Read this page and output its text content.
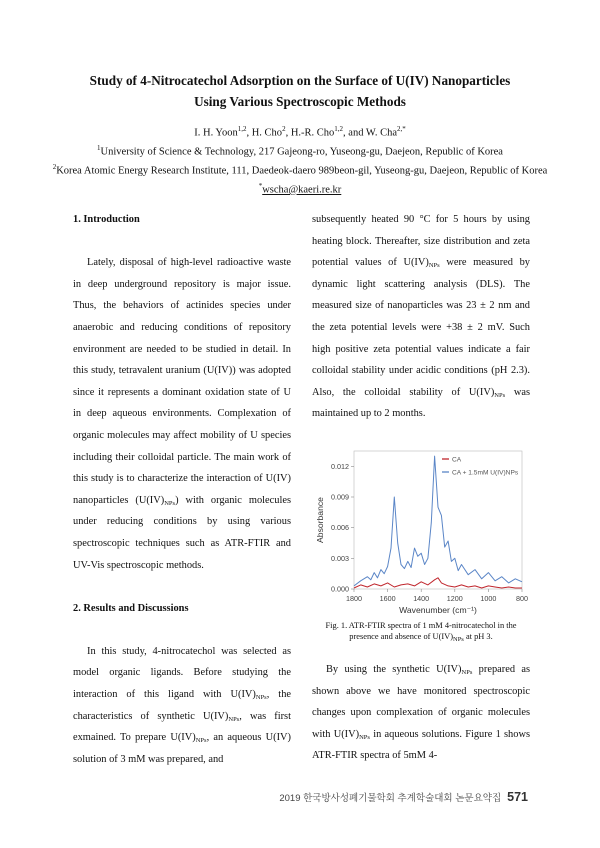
Study of 4-Nitrocatechol Adsorption on the Surface of U(IV) Nanoparticles
Using Various Spectroscopic Methods
I. H. Yoon$^{1,2}$, H. Cho$^2$, H.-R. Cho$^{1,2}$, and W. Cha$^{2,*}$
$^1$University of Science & Technology, 217 Gajeong-ro, Yuseong-gu, Daejeon, Republic of Korea
$^2$Korea Atomic Energy Research Institute, 111, Daedeok-daero 989beon-gil, Yuseong-gu, Daejeon, Republic of Korea
*wscha@kaeri.re.kr

1. Introduction

Lately, disposal of high-level radioactive waste in deep underground repository is major issue. Thus, the behaviors of actinides species under anaerobic and reducing conditions of repository environment are needed to be studied in detail. In this study, tetravalent uranium (U(IV)) was adopted since it represents a dominant oxidation state of U in deep aqueous environments. Complexation of organic molecules may affect mobility of U species including their colloidal particle. The main work of this study is to characterize the interaction of U(IV) nanoparticles $(U(IV)_{NPs})$ with organic molecules under reducing conditions by using various spectroscopic techniques such as ATR-FTIR and UV-Vis spectroscopic methods.

2. Results and Discussions

In this study, 4-nitrocatechol was selected as model organic ligands. Before studying the interaction of this ligand with $U(IV)_{NPs}$, the characteristics of synthetic $U(IV)_{NPs}$, was first exmained. To prepare $U(IV)_{NPs}$, an aqueous U(IV) solution of 3 mM was prepared, and

subsequently heated 90 °C for 5 hours by using heating block. Thereafter, size distribution and zeta potential values of $U(IV)_{NPs}$ were measured by dynamic light scattering analysis (DLS). The measured size of nanoparticles was 23 ± 2 nm and the zeta potential levels were +38 ± 2 mV. Such high positive zeta potential values indicate a fair colloidal stability under acidic conditions (pH 2.3). Also, the colloidal stability of $U(IV)_{NPs}$ was maintained up to 2 months.

1800 1600 1400 1200 1000	800
0.000
0.003
0.006
0.009
0.012
Wavenumber (cm⁻¹)
Absorbance
CA
CA + 1.5mM U(IV)NPs
Fig. 1. ATR-FTIR spectra of 1 mM 4-nitrocatechol in the presence and absence of $U(IV)_{NPs}$ at pH 3.

By using the synthetic $U(IV)_{NPs}$ prepared as shown above we have monitored spectroscopic changes upon complexation of organic molecules with $U(IV)_{NPs}$ in aqueous solutions. Figure 1 shows ATR-FTIR spectra of 5mM 4-

2019 한국방사성폐기물학회 추계학술대회 논문요약집 571
